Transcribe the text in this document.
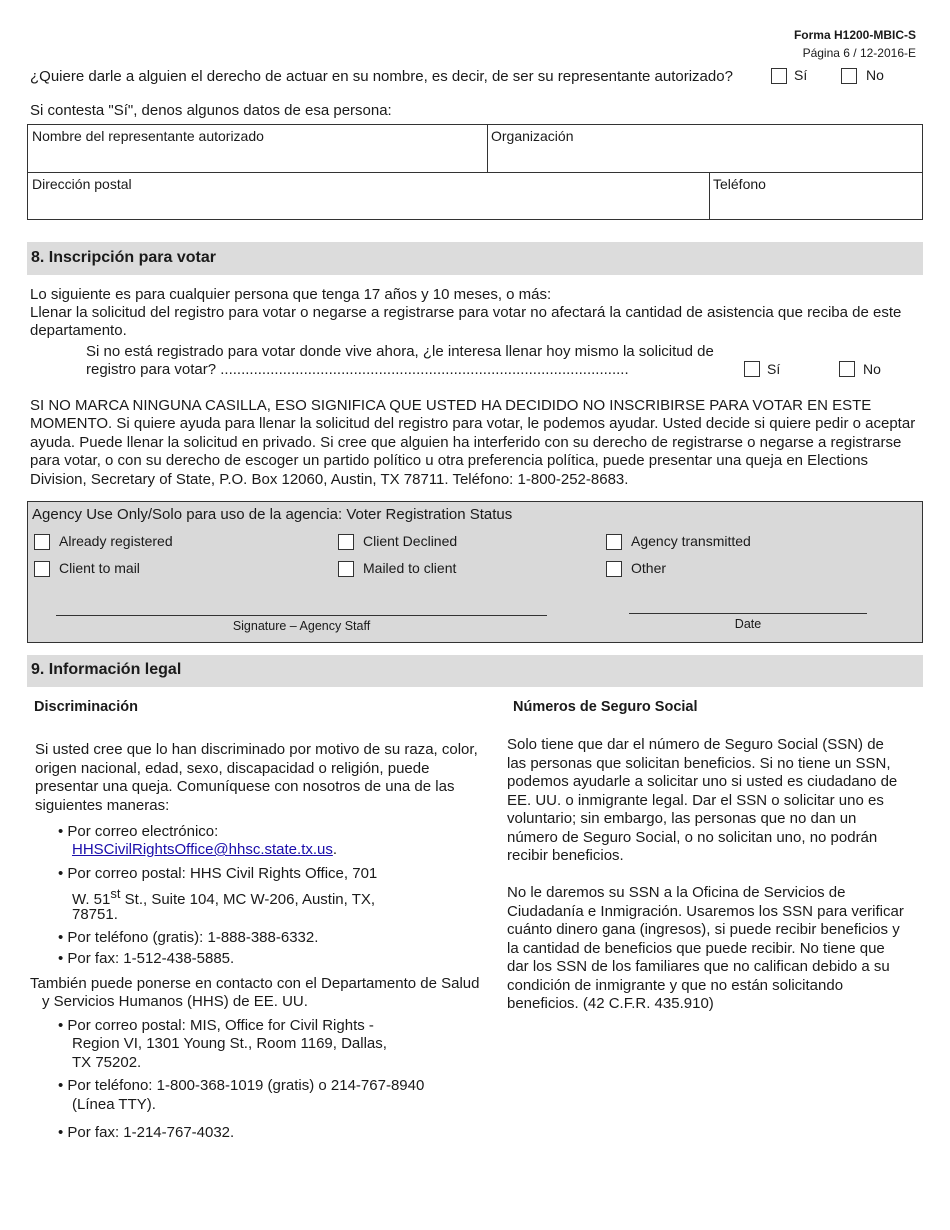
Forma H1200-MBIC-S
Página 6 / 12-2016-E
¿Quiere darle a alguien el derecho de actuar en su nombre, es decir, de ser su representante autorizado?	Sí	No
Si contesta "Sí", denos algunos datos de esa persona:
Nombre del representante autorizado	Organización
Dirección postal	Teléfono
8. Inscripción para votar
Lo siguiente es para cualquier persona que tenga 17 años y 10 meses, o más:
Llenar la solicitud del registro para votar o negarse a registrarse para votar no afectará la cantidad de asistencia que reciba de este departamento.
Si no está registrado para votar donde vive ahora, ¿le interesa llenar hoy mismo la solicitud de
registro para votar? ..................................................................................................	Sí	No
SI NO MARCA NINGUNA CASILLA, ESO SIGNIFICA QUE USTED HA DECIDIDO NO INSCRIBIRSE PARA VOTAR EN ESTE MOMENTO. Si quiere ayuda para llenar la solicitud del registro para votar, le podemos ayudar. Usted decide si quiere pedir o aceptar ayuda. Puede llenar la solicitud en privado. Si cree que alguien ha interferido con su derecho de registrarse o negarse a registrarse para votar, o con su derecho de escoger un partido político u otra preferencia política, puede presentar una queja en Elections Division, Secretary of State, P.O. Box 12060, Austin, TX 78711. Teléfono: 1-800-252-8683.
Agency Use Only/Solo para uso de la agencia: Voter Registration Status
Already registered	Client Declined	Agency transmitted
Client to mail	Mailed to client	Other
Signature – Agency Staff	Date
9. Información legal
Discriminación
Si usted cree que lo han discriminado por motivo de su raza, color, origen nacional, edad, sexo, discapacidad o religión, puede presentar una queja. Comuníquese con nosotros de una de las siguientes maneras:
• Por correo electrónico:
HHSCivilRightsOffice@hhsc.state.tx.us.
• Por correo postal: HHS Civil Rights Office, 701
W. 51st St., Suite 104, MC W-206, Austin, TX,
78751.
• Por teléfono (gratis): 1-888-388-6332.
• Por fax: 1-512-438-5885.
También puede ponerse en contacto con el Departamento de Salud
y Servicios Humanos (HHS) de EE. UU.
• Por correo postal: MIS, Office for Civil Rights -
Region VI, 1301 Young St., Room 1169, Dallas,
TX 75202.
• Por teléfono: 1-800-368-1019 (gratis) o 214-767-8940
(Línea TTY).
• Por fax: 1-214-767-4032.
Números de Seguro Social
Solo tiene que dar el número de Seguro Social (SSN) de las personas que solicitan beneficios. Si no tiene un SSN, podemos ayudarle a solicitar uno si usted es ciudadano de EE. UU. o inmigrante legal. Dar el SSN o solicitar uno es voluntario; sin embargo, las personas que no dan un número de Seguro Social, o no solicitan uno, no podrán recibir beneficios.
No le daremos su SSN a la Oficina de Servicios de Ciudadanía e Inmigración. Usaremos los SSN para verificar cuánto dinero gana (ingresos), si puede recibir beneficios y la cantidad de beneficios que puede recibir. No tiene que dar los SSN de los familiares que no califican debido a su condición de inmigrante y que no están solicitando beneficios. (42 C.F.R. 435.910)
